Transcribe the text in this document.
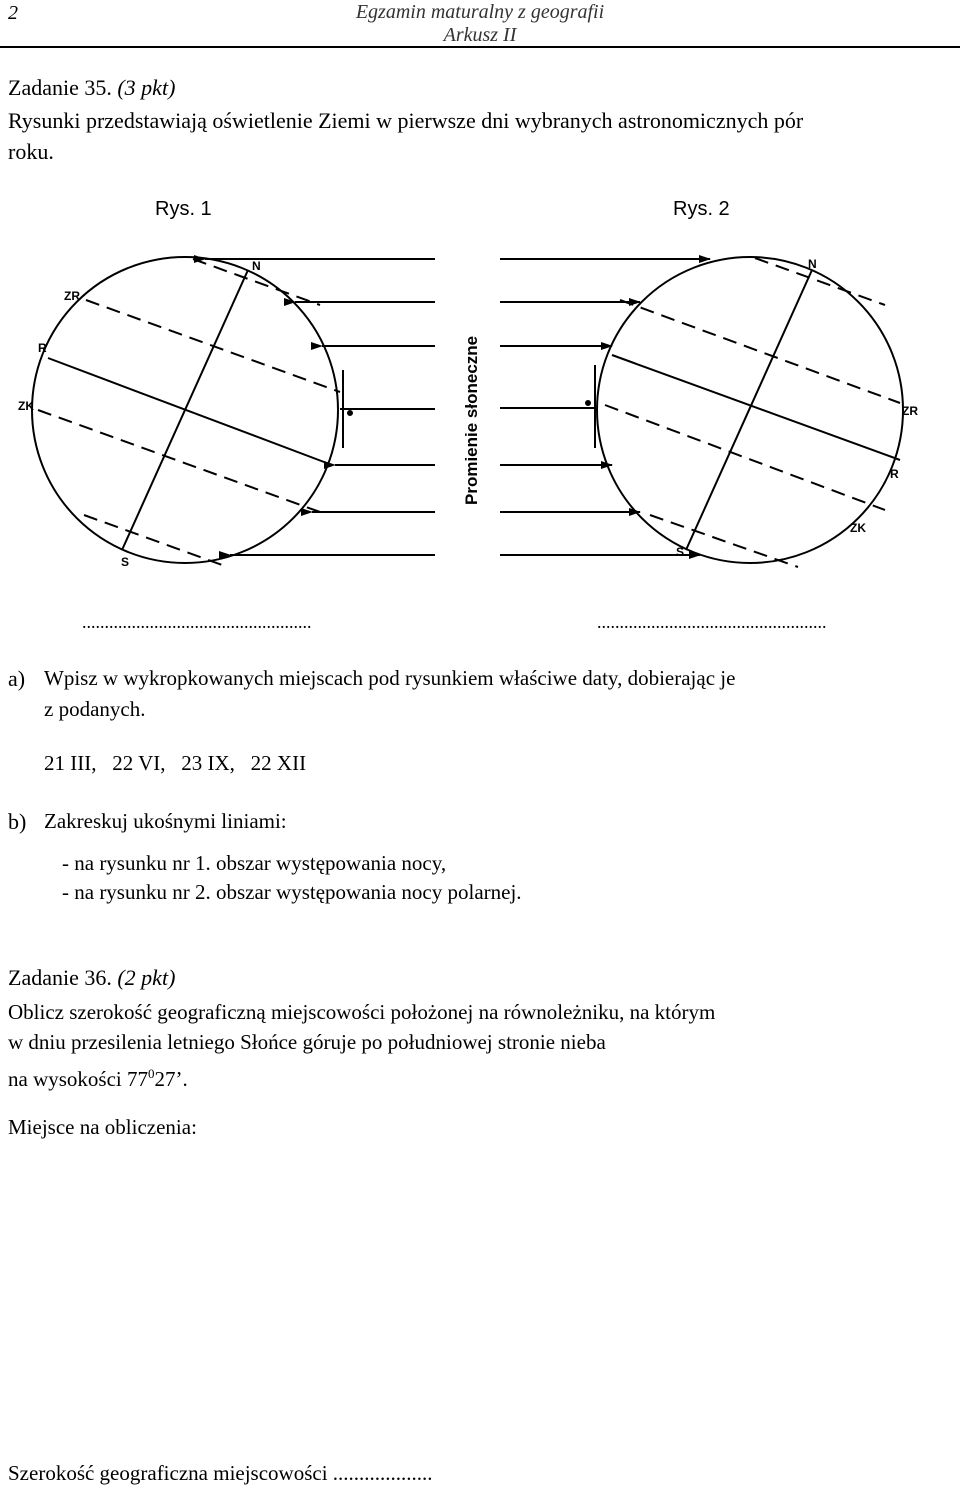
2	Egzamin maturalny z geografii
Arkusz II
Zadanie 35. (3 pkt)
Rysunki przedstawiają oświetlenie Ziemi w pierwsze dni wybranych astronomicznych pór
roku.
Rys. 1	Rys. 2
N
ZR
R
ZK
S
Promienie słoneczne
N
ZR
R
ZK
S
...................................................	...................................................
a) Wpisz w wykropkowanych miejscach pod rysunkiem właściwe daty, dobierając je
z podanych.
21 III,   22 VI,   23 IX,   22 XII
b) Zakreskuj ukośnymi liniami:
- na rysunku nr 1. obszar występowania nocy,
- na rysunku nr 2. obszar występowania nocy polarnej.
Zadanie 36. (2 pkt)
Oblicz szerokość geograficzną miejscowości położonej na równoleżniku, na którym
w dniu przesilenia letniego Słońce góruje po południowej stronie nieba
na wysokości $77^027$’.
Miejsce na obliczenia:
Szerokość geograficzna miejscowości ...................
